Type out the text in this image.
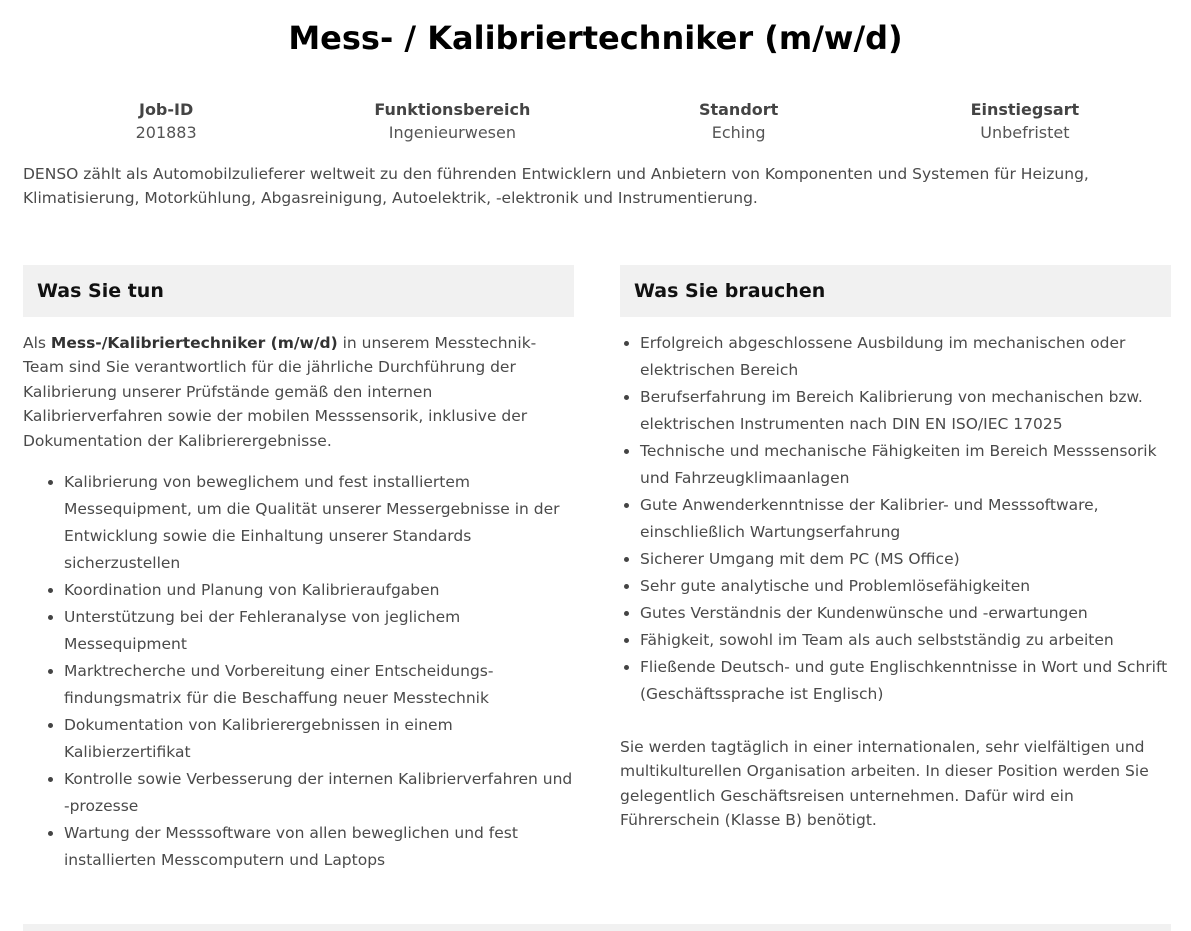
Mess- / Kalibriertechniker (m/w/d)
Job-ID
201883
Funktionsbereich
Ingenieurwesen
Standort
Eching
Einstiegsart
Unbefristet

DENSO zählt als Automobilzulieferer weltweit zu den führenden Entwicklern und Anbietern von Komponenten und Systemen für Heizung, Klimatisierung, Motorkühlung, Abgasreinigung, Autoelektrik, -elektronik und Instrumentierung.

Was Sie tun
Als Mess-/Kalibriertechniker (m/w/d) in unserem Messtechnik-Team sind Sie verantwortlich für die jährliche Durchführung der Kalibrierung unserer Prüfstände gemäß den internen Kalibrierverfahren sowie der mobilen Messsensorik, inklusive der Dokumentation der Kalibrierergebnisse.
• Kalibrierung von beweglichem und fest installiertem Messequipment, um die Qualität unserer Messergebnisse in der Entwicklung sowie die Einhaltung unserer Standards sicherzustellen
• Koordination und Planung von Kalibrieraufgaben
• Unterstützung bei der Fehleranalyse von jeglichem Messequipment
• Marktrecherche und Vorbereitung einer Entscheidungs-findungsmatrix für die Beschaffung neuer Messtechnik
• Dokumentation von Kalibrierergebnissen in einem Kalibierzertifikat
• Kontrolle sowie Verbesserung der internen Kalibrierverfahren und -prozesse
• Wartung der Messsoftware von allen beweglichen und fest installierten Messcomputern und Laptops
Was Sie brauchen
• Erfolgreich abgeschlossene Ausbildung im mechanischen oder elektrischen Bereich
• Berufserfahrung im Bereich Kalibrierung von mechanischen bzw. elektrischen Instrumenten nach DIN EN ISO/IEC 17025
• Technische und mechanische Fähigkeiten im Bereich Messsensorik und Fahrzeugklimaanlagen
• Gute Anwenderkenntnisse der Kalibrier- und Messsoftware, einschließlich Wartungserfahrung
• Sicherer Umgang mit dem PC (MS Office)
• Sehr gute analytische und Problemlösefähigkeiten
• Gutes Verständnis der Kundenwünsche und -erwartungen
• Fähigkeit, sowohl im Team als auch selbstständig zu arbeiten
• Fließende Deutsch- und gute Englischkenntnisse in Wort und Schrift (Geschäftssprache ist Englisch)
Sie werden tagtäglich in einer internationalen, sehr vielfältigen und multikulturellen Organisation arbeiten. In dieser Position werden Sie gelegentlich Geschäftsreisen unternehmen. Dafür wird ein Führerschein (Klasse B) benötigt.
